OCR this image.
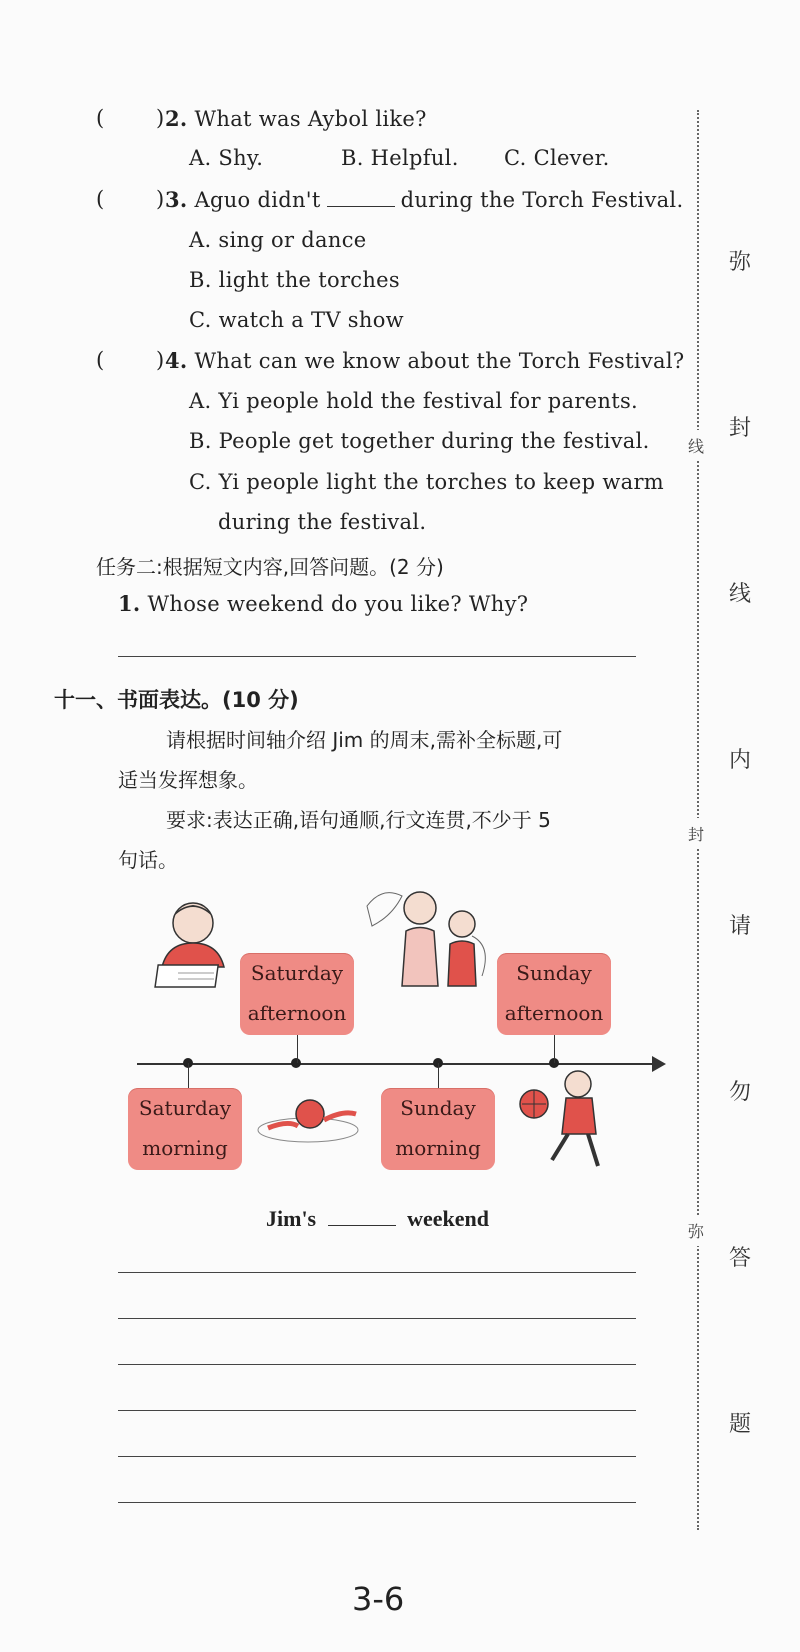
( ) 2. What was Aybol like?
A. Shy.	B. Helpful. C. Clever.
( ) 3. Aguo didn't	during the Torch Festival.
A. sing or dance
B. light the torches
C. watch a TV show
( ) 4. What can we know about the Torch Festival?
A. Yi people hold the festival for parents.
B. People get together during the festival.
C. Yi people light the torches to keep warm
during the festival.
任务二:根据短文内容,回答问题。(2 分)
1. Whose weekend do you like? Why?
十一、书面表达。(10 分)
请根据时间轴介绍 Jim 的周末,需补全标题,可
适当发挥想象。
要求:表达正确,语句通顺,行文连贯,不少于 5
句话。
Saturday
afternoon
Sunday
afternoon
Saturday
morning
Sunday
morning
Jim's	weekend
线
封
弥
弥
封
线
内
请
勿
答
题
3-6
